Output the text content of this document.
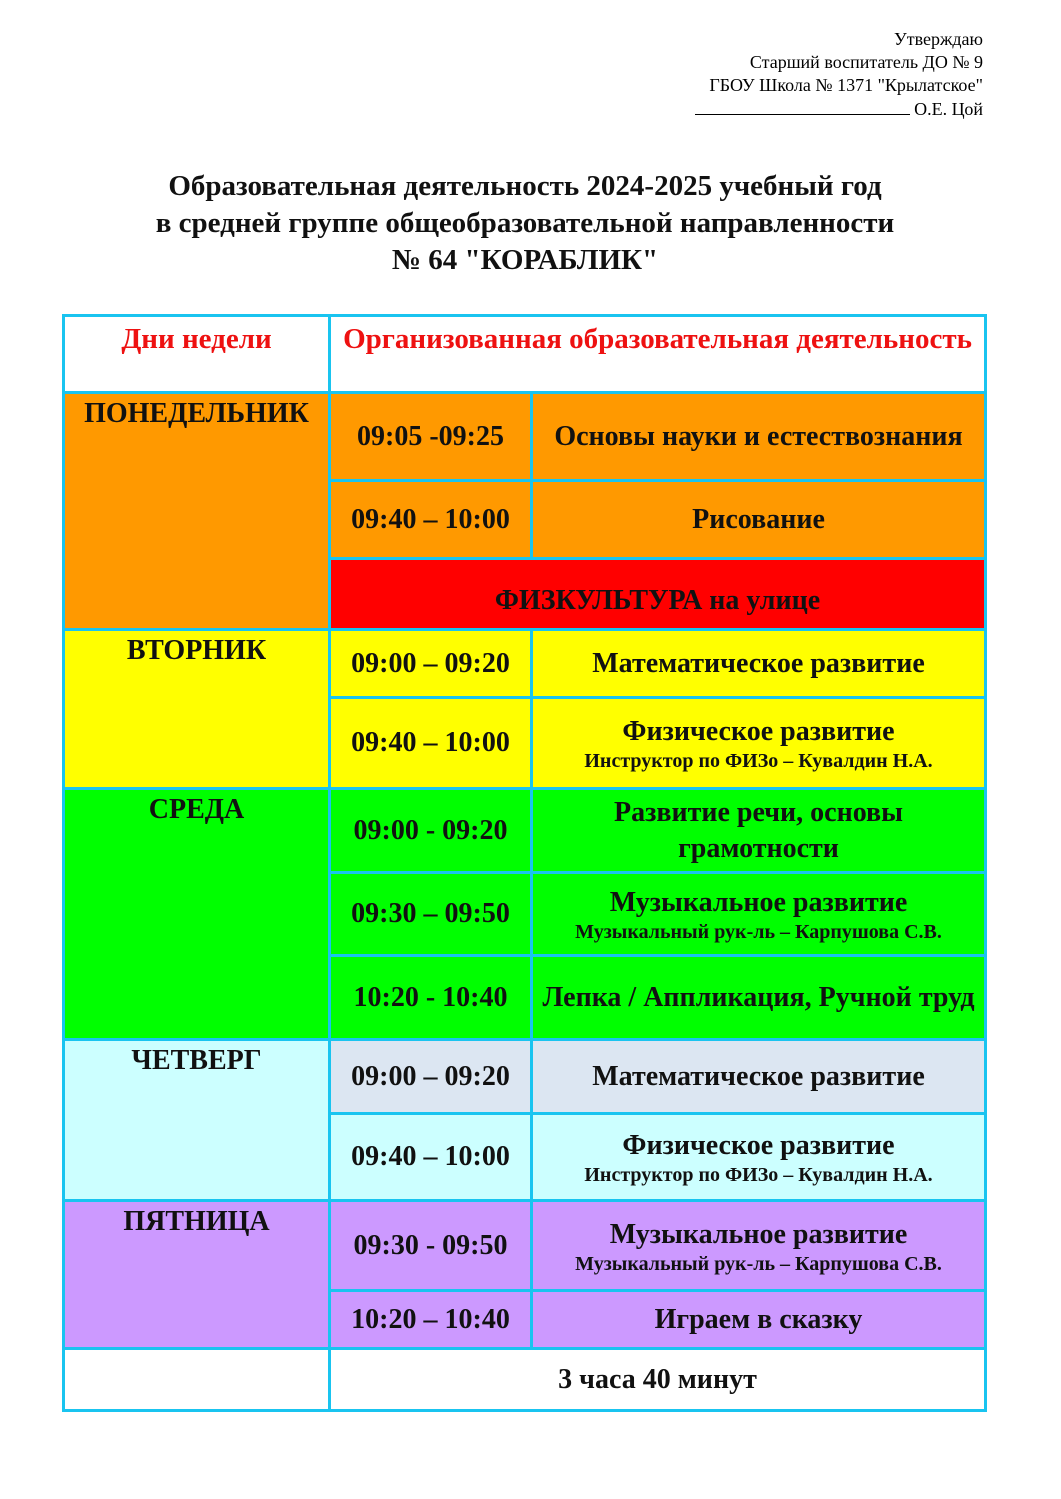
Утверждаю
Старший воспитатель ДО № 9
ГБОУ Школа № 1371 "Крылатское"
О.Е. Цой
Образовательная деятельность 2024-2025 учебный год
в средней группе общеобразовательной направленности
№ 64 "КОРАБЛИК"
Дни недели	Организованная образовательная деятельность	
ПОНЕДЕЛЬНИК	09:05 -09:25	Основы науки и естествознания
	09:40 – 10:00	Рисование
	ФИЗКУЛЬТУРА на улице	
ВТОРНИК	09:00 – 09:20	Математическое развитие
	09:40 – 10:00	Физическое развитие
Инструктор по ФИЗо – Кувалдин Н.А.

СРЕДА	09:00 - 09:20	Развитие речи, основы грамотности
	09:30 – 09:50	Музыкальное развитие
Музыкальный рук-ль – Карпушова С.В.

	10:20 - 10:40	Лепка / Аппликация, Ручной труд
ЧЕТВЕРГ	09:00 – 09:20	Математическое развитие
	09:40 – 10:00	Физическое развитие
Инструктор по ФИЗо – Кувалдин Н.А.

ПЯТНИЦА	09:30 - 09:50	Музыкальное развитие
Музыкальный рук-ль – Карпушова С.В.

	10:20 – 10:40	Играем в сказку
	3 часа 40 минут	
